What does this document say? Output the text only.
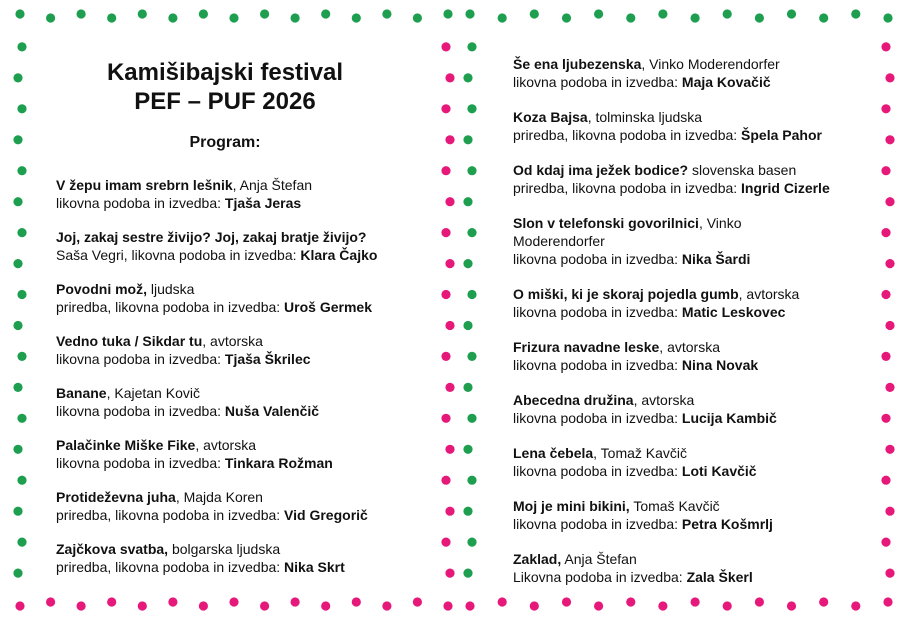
Kamišibajski festival
PEF – PUF 2026
Program:
V žepu imam srebrn lešnik, Anja Štefan
likovna podoba in izvedba: Tjaša Jeras
Joj, zakaj sestre živijo? Joj, zakaj bratje živijo?
Saša Vegri, likovna podoba in izvedba: Klara Čajko
Povodni mož, ljudska
priredba, likovna podoba in izvedba: Uroš Germek
Vedno tuka / Sikdar tu, avtorska
likovna podoba in izvedba: Tjaša Škrilec
Banane, Kajetan Kovič
likovna podoba in izvedba: Nuša Valenčič
Palačinke Miške Fike, avtorska
likovna podoba in izvedba: Tinkara Rožman
Protideževna juha, Majda Koren
priredba, likovna podoba in izvedba: Vid Gregorič
Zajčkova svatba, bolgarska ljudska
priredba, likovna podoba in izvedba: Nika Skrt
Še ena ljubezenska, Vinko Moderendorfer
likovna podoba in izvedba: Maja Kovačič
Koza Bajsa, tolminska ljudska
priredba, likovna podoba in izvedba: Špela Pahor
Od kdaj ima ježek bodice? slovenska basen
priredba, likovna podoba in izvedba: Ingrid Cizerle
Slon v telefonski govorilnici, Vinko
Moderendorfer
likovna podoba in izvedba: Nika Šardi
O miški, ki je skoraj pojedla gumb, avtorska
likovna podoba in izvedba: Matic Leskovec
Frizura navadne leske, avtorska
likovna podoba in izvedba: Nina Novak
Abecedna družina, avtorska
likovna podoba in izvedba: Lucija Kambič
Lena čebela, Tomaž Kavčič
likovna podoba in izvedba: Loti Kavčič
Moj je mini bikini, Tomaš Kavčič
likovna podoba in izvedba: Petra Košmrlj
Zaklad, Anja Štefan
Likovna podoba in izvedba: Zala Škerl
